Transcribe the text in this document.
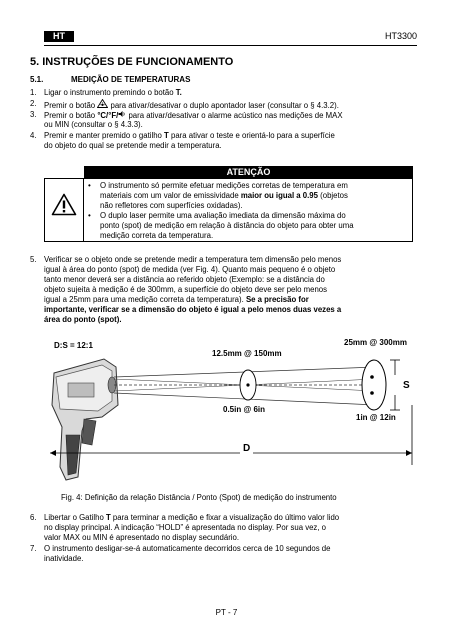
HT	HT3300
5. INSTRUÇÕES DE FUNCIONAMENTO
5.1.	MEDIÇÃO DE TEMPERATURAS
1. Ligar o instrumento premindo o botão T.
2. Premir o botão  para ativar/desativar o duplo apontador laser (consultar o § 4.3.2).
3. Premir o botão °C/°F/ para ativar/desativar o alarme acústico nas medições de MAX
ou MIN (consultar o § 4.3.3).
4. Premir e manter premido o gatilho T para ativar o teste e orientá-lo para a superfície
do objeto do qual se pretende medir a temperatura.
ATENÇÃO
• O instrumento só permite efetuar medições corretas de temperatura em
materiais com um valor de emissividade maior ou igual a 0.95 (objetos
não refletores com superfícies oxidadas).
• O duplo laser permite uma avaliação imediata da dimensão máxima do
ponto (spot) de medição em relação à distância do objeto para obter uma
medição correta da temperatura.
5. Verificar se o objeto onde se pretende medir a temperatura tem dimensão pelo menos
igual à área do ponto (spot) de medida (ver Fig. 4). Quanto mais pequeno é o objeto
tanto menor deverá ser a distância ao referido objeto (Exemplo: se a distância do
objeto sujeita à medição é de 300mm, a superfície do objeto deve ser pelo menos
igual a 25mm para uma medição correta da temperatura). Se a precisão for
importante, verificar se a dimensão do objeto é igual a pelo menos duas vezes a
área do ponto (spot).
D:S = 12:1
12.5mm @ 150mm
25mm @ 300mm
0.5in @ 6in
1in @ 12in
S
D
Fig. 4: Definição da relação Distância / Ponto (Spot) de medição do instrumento
6. Libertar o Gatilho T para terminar a medição e fixar a visualização do último valor lido
no display principal. A indicação “HOLD” é apresentada no display. Por sua vez, o
valor MAX ou MIN é apresentado no display secundário.
7. O instrumento desligar-se-á automaticamente decorridos cerca de 10 segundos de
inatividade.
PT - 7
